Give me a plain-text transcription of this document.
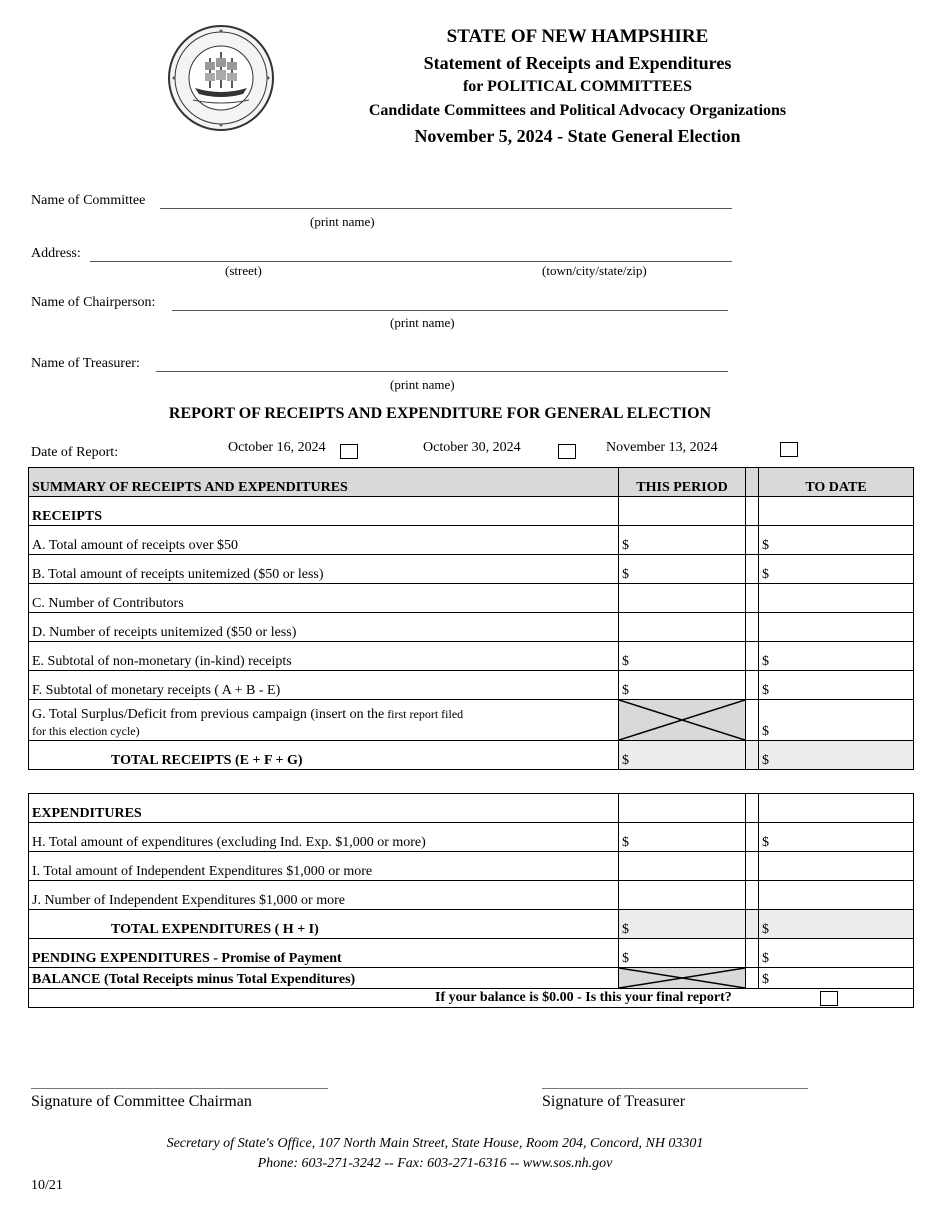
STATE OF NEW HAMPSHIRE
Statement of Receipts and Expenditures
for POLITICAL COMMITTEES
Candidate Committees and Political Advocacy Organizations
November 5, 2024 - State General Election
Name of Committee
(print name)
Address:
(street)	(town/city/state/zip)
Name of Chairperson:
(print name)
Name of Treasurer:
(print name)
REPORT OF RECEIPTS AND EXPENDITURE FOR GENERAL ELECTION
Date of Report:	October 16, 2024	October 30, 2024	November 13, 2024
SUMMARY OF RECEIPTS AND EXPENDITURES	THIS PERIOD		TO DATE
RECEIPTS			
A. Total amount of receipts over $50	$		$
B. Total amount of receipts unitemized ($50 or less)	$		$
C. Number of Contributors			
D. Number of receipts unitemized ($50 or less)			
E. Subtotal of non-monetary (in-kind) receipts	$		$
F. Subtotal of monetary receipts ( A + B - E)	$		$
G. Total Surplus/Deficit from previous campaign (insert on the first report filed
for this election cycle)			$
TOTAL RECEIPTS (E + F + G)	$		$
EXPENDITURES			
H. Total amount of expenditures (excluding Ind. Exp. $1,000 or more)	$		$
I. Total amount of Independent Expenditures $1,000 or more			
J. Number of Independent Expenditures $1,000 or more			
TOTAL EXPENDITURES ( H + I)	$		$
PENDING EXPENDITURES - Promise of Payment	$		$
BALANCE (Total Receipts minus Total Expenditures)			$

If your balance is $0.00 - Is this your final report?			
Signature of Committee Chairman	Signature of Treasurer
Secretary of State's Office, 107 North Main Street, State House, Room 204, Concord, NH 03301
Phone: 603-271-3242 -- Fax: 603-271-6316 -- www.sos.nh.gov
10/21
